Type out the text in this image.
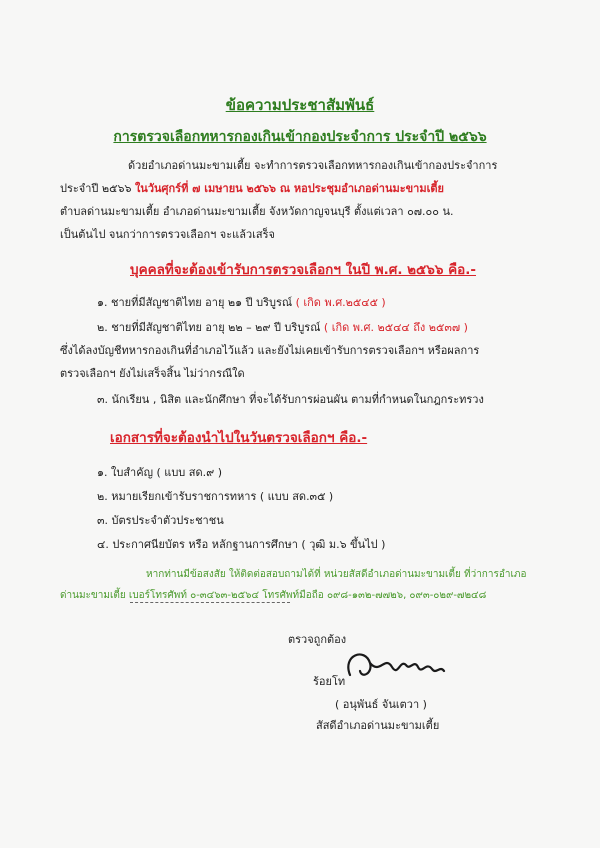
ข้อความประชาสัมพันธ์
การตรวจเลือกทหารกองเกินเข้ากองประจำการ ประจำปี ๒๕๖๖
ด้วยอำเภอด่านมะขามเตี้ย จะทำการตรวจเลือกทหารกองเกินเข้ากองประจำการ
ประจำปี ๒๕๖๖ ในวันศุกร์ที่ ๗ เมษายน ๒๕๖๖ ณ หอประชุมอำเภอด่านมะขามเตี้ย
ตำบลด่านมะขามเตี้ย อำเภอด่านมะขามเตี้ย จังหวัดกาญจนบุรี ตั้งแต่เวลา ๐๗.๐๐ น.
เป็นต้นไป จนกว่าการตรวจเลือกฯ จะแล้วเสร็จ
บุคคลที่จะต้องเข้ารับการตรวจเลือกฯ ในปี พ.ศ. ๒๕๖๖ คือ.-
๑. ชายที่มีสัญชาติไทย อายุ ๒๑ ปี บริบูรณ์ ( เกิด พ.ศ.๒๕๔๕ )
๒. ชายที่มีสัญชาติไทย อายุ ๒๒ – ๒๙ ปี บริบูรณ์ ( เกิด พ.ศ. ๒๕๔๔ ถึง ๒๕๓๗ )
ซึ่งได้ลงบัญชีทหารกองเกินที่อำเภอไว้แล้ว และยังไม่เคยเข้ารับการตรวจเลือกฯ หรือผลการ
ตรวจเลือกฯ ยังไม่เสร็จสิ้น ไม่ว่ากรณีใด
๓. นักเรียน , นิสิต และนักศึกษา ที่จะได้รับการผ่อนผัน ตามที่กำหนดในกฎกระทรวง
เอกสารที่จะต้องนำไปในวันตรวจเลือกฯ คือ.-
๑. ใบสำคัญ ( แบบ สด.๙ )
๒. หมายเรียกเข้ารับราชการทหาร ( แบบ สด.๓๕ )
๓. บัตรประจำตัวประชาชน
๔. ประกาศนียบัตร หรือ หลักฐานการศึกษา ( วุฒิ ม.๖ ขึ้นไป )
หากท่านมีข้อสงสัย ให้ติดต่อสอบถามได้ที่ หน่วยสัสดีอำเภอด่านมะขามเตี้ย ที่ว่าการอำเภอ
ด่านมะขามเตี้ย เบอร์โทรศัพท์ ๐-๓๔๖๓-๒๕๖๔ โทรศัพท์มือถือ ๐๙๘-๑๓๒-๗๗๒๖, ๐๙๓-๐๒๙-๗๒๔๘
ตรวจถูกต้อง
ร้อยโท
( อนุพันธ์ จันเตวา )
สัสดีอำเภอด่านมะขามเตี้ย
